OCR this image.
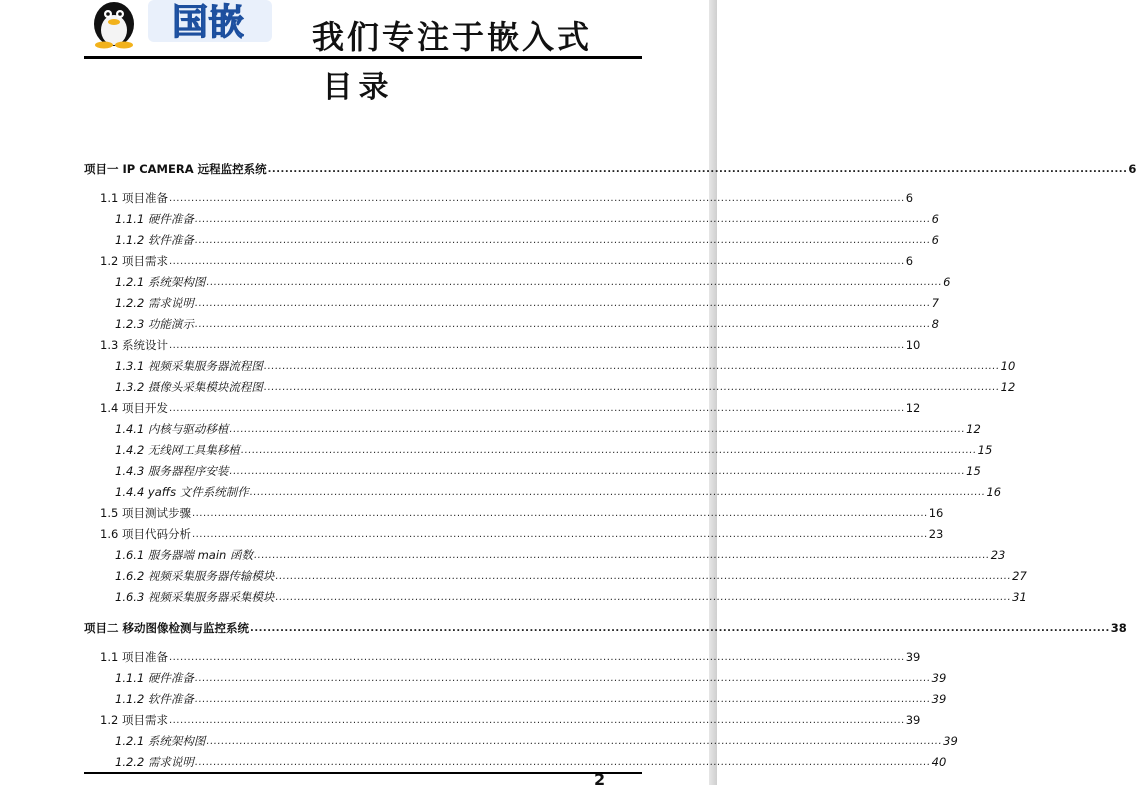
国嵌 我们专注于嵌入式
目录
项目一 IP CAMERA 远程监控系统 ........................................................................................................................................................................................................ 6
1.1 项目准备 ........................................................................................................................................................................................................ 6
1.1.1 硬件准备 ........................................................................................................................................................................................................ 6
1.1.2 软件准备 ........................................................................................................................................................................................................ 6
1.2 项目需求 ........................................................................................................................................................................................................ 6
1.2.1 系统架构图 ........................................................................................................................................................................................................ 6
1.2.2 需求说明 ........................................................................................................................................................................................................ 7
1.2.3 功能演示 ........................................................................................................................................................................................................ 8
1.3 系统设计 ........................................................................................................................................................................................................ 10
1.3.1 视频采集服务器流程图 ........................................................................................................................................................................................................ 10
1.3.2 摄像头采集模块流程图 ........................................................................................................................................................................................................ 12
1.4 项目开发 ........................................................................................................................................................................................................ 12
1.4.1 内核与驱动移植 ........................................................................................................................................................................................................ 12
1.4.2 无线网工具集移植 ........................................................................................................................................................................................................ 15
1.4.3 服务器程序安装 ........................................................................................................................................................................................................ 15
1.4.4 yaffs 文件系统制作 ........................................................................................................................................................................................................ 16
1.5 项目测试步骤 ........................................................................................................................................................................................................ 16
1.6 项目代码分析 ........................................................................................................................................................................................................ 23
1.6.1 服务器端 main 函数 ........................................................................................................................................................................................................ 23
1.6.2 视频采集服务器传输模块 ........................................................................................................................................................................................................ 27
1.6.3 视频采集服务器采集模块 ........................................................................................................................................................................................................ 31
项目二 移动图像检测与监控系统 ........................................................................................................................................................................................................ 38
1.1 项目准备 ........................................................................................................................................................................................................ 39
1.1.1 硬件准备 ........................................................................................................................................................................................................ 39
1.1.2 软件准备 ........................................................................................................................................................................................................ 39
1.2 项目需求 ........................................................................................................................................................................................................ 39
1.2.1 系统架构图 ........................................................................................................................................................................................................ 39
1.2.2 需求说明 ........................................................................................................................................................................................................ 40
2
